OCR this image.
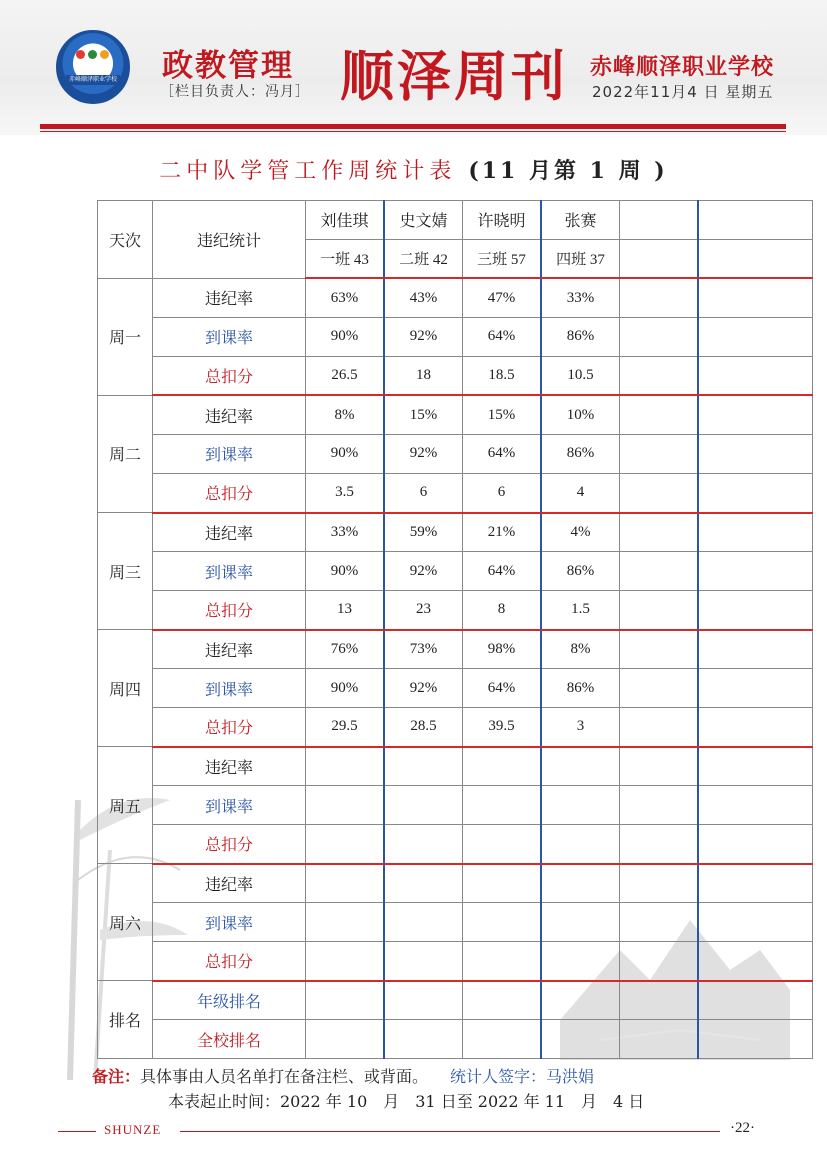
赤峰顺泽职业学校 政教管理
［栏目负责人：冯月］ 顺泽周刊 赤峰顺泽职业学校
2022年11月4 日 星期五
二中队学管工作周统计表 (11 月第 1 周 )
天次	违纪统计	刘佳琪	史文婧	许晓明	张赛		
		一班 43	二班 42	三班 57	四班 37		
周一	违纪率	63%	43%	47%	33%		
	到课率	90%	92%	64%	86%		
	总扣分	26.5	18	18.5	10.5		
周二	违纪率	8%	15%	15%	10%		
	到课率	90%	92%	64%	86%		
	总扣分	3.5	6	6	4		
周三	违纪率	33%	59%	21%	4%		
	到课率	90%	92%	64%	86%		
	总扣分	13	23	8	1.5		
周四	违纪率	76%	73%	98%	8%		
	到课率	90%	92%	64%	86%		
	总扣分	29.5	28.5	39.5	3		
周五	违纪率						
	到课率						
	总扣分						
周六	违纪率						
	到课率						
	总扣分						
排名	年级排名						
	全校排名						
备注：具体事由人员名单打在备注栏、或背面。 统计人签字：马洪娟
本表起止时间：2022 年 10　月　31 日至 2022 年 11　月　4 日
SHUNZE	·22·
